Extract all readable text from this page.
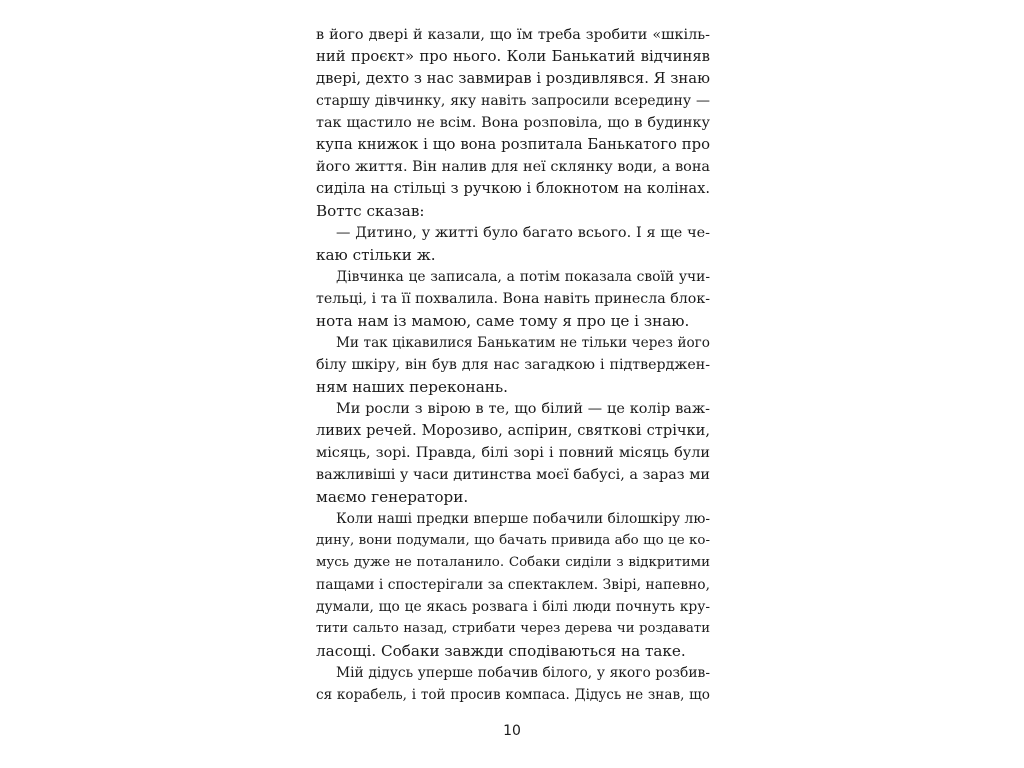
в його двері й казали, що їм треба зробити «шкіль-
ний проєкт» про нього. Коли Банькатий відчиняв
двері, дехто з нас завмирав і роздивлявся. Я знаю
старшу дівчинку, яку навіть запросили всередину —
так щастило не всім. Вона розповіла, що в будинку
купа книжок і що вона розпитала Банькатого про
його життя. Він налив для неї склянку води, а вона
сиділа на стільці з ручкою і блокнотом на колінах.
Воттс сказав:
— Дитино, у житті було багато всього. І я ще че-
каю стільки ж.
Дівчинка це записала, а потім показала своїй учи-
тельці, і та її похвалила. Вона навіть принесла блок-
нота нам із мамою, саме тому я про це і знаю.
Ми так цікавилися Банькатим не тільки через його
білу шкіру, він був для нас загадкою і підтверджен-
ням наших переконань.
Ми росли з вірою в те, що білий — це колір важ-
ливих речей. Морозиво, аспірин, святкові стрічки,
місяць, зорі. Правда, білі зорі і повний місяць були
важливіші у часи дитинства моєї бабусі, а зараз ми
маємо генератори.
Коли наші предки вперше побачили білошкіру лю-
дину, вони подумали, що бачать привида або що це ко-
мусь дуже не поталанило. Собаки сиділи з відкритими
пащами і спостерігали за спектаклем. Звірі, напевно,
думали, що це якась розвага і білі люди почнуть кру-
тити сальто назад, стрибати через дерева чи роздавати
ласощі. Собаки завжди сподіваються на таке.
Мій дідусь уперше побачив білого, у якого розбив-
ся корабель, і той просив компаса. Дідусь не знав, що
10
